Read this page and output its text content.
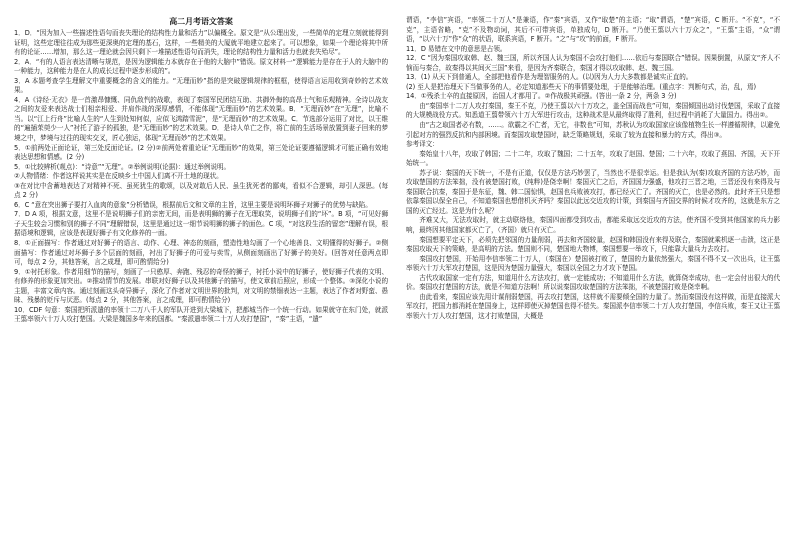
高二月考语文答案

1．D．“因为加入一些描述性语句而丧失理论的结构性力量和活力”以偏概全。原文是“从公理出发，一些简单的定理立刻就能得到证明，这些定理往往成为那些更深奥的定理的基石，这样，一些精美的大厦就平地建立起来了。可以想象，如果一个理论将其中所有的论证……增加，那么这一理论就会因只剩下一堆描述性语句而消失，理论的结构性力量和活力也就丧失殆尽”。

2．A．“有的人语言表达清晰与规范，是因为逻辑能力本就存在于他的大脑中”错误。原文材料一“逻辑能力是存在于人的大脑中的一种能力，这种能力是在人的成长过程中逐步形成的”。

3．A 本题考查学生理解文中重要概念的含义的能力。“无理而妙”指的是突破逻辑规律的框框，使得语言运用收到奇妙的艺术效果。

4．A《诗经·无衣》是一首激昂慷慨、同仇敌忾的战歌，表现了秦国军民团结互助、共御外侮的高昂士气和乐观精神。全诗以战友之间的友爱来表达战士们相亲相爱、并肩作战的深厚感情，不能体现“无理而妙”的艺术效果。B．“无理而妙”在“无理”，比喻不当。以“江上行舟”比喻人生的“人生到处知何似，应似飞鸿踏雪泥”，是“无理而妙”的艺术效果。C．节选部分运用了对比，以王维的“遍插茱萸少一人”衬托了游子的孤独，是“无理而妙”的艺术效果。D．是诗人单亡之作，将亡前的生活场景放置到妻子回来的梦境之中，梦境与过往的现实交叉，匠心独运，体现“无理而妙”的艺术效果。

5．①前两处正面论证，第三处反面论证。(2 分)②前两处着重论证“无理而妙”的效果，第三处论证要遵循逻辑才可能正确有效地表达思想和情感。(2 分)

5．①比较辨析(观点)：“诗意”“无理”。②举例说明(论据)：通过举例说明。

②人物情绪：作者这样说其实是在反映乡土中国人们离不开土地的现状。

③在对比中含蓄地表达了对精神不死、虽死犹生的歌颂，以及对敢后人民、虽生犹死者的鄙夷，看似不合逻辑，却引人深思。(每点 2 分)

6．C “意在突出狮子要打入血肉的意象”分析错误，根据前后文和文章的主旨，这里主要是说明环狮子对狮子的优势与缺陷。

7．D A 项，根据文意，这里不是说明狮子们的亲密无间，而是表明狮的狮子在无理取笑，说明狮子们的“坏”。B 项，“可见好狮子天生较会习惯和别的狮子不同”理解错误，这里是通过这一细节说明狮的狮子的面色。C 项，“对这段生活的留恋”理解有误，根据语境和逻辑，应该是表现好狮子有文化修养的一面。

8．①正面描写：作者通过对好狮子的语言、动作、心理、神态的刻画，塑造性地勾画了一个心地善良、文明懂得的好狮子。②侧面描写：作者通过对坏狮子多个层面的刻画，衬出了好狮子的可爱与卖雪，从侧面刻画出了好狮子的美好。(回答对任意两点即可，每点 2 分，其他答案，言之成理，即可酌情给分)

9．①衬托形象。作者用细节的描写，刻画了一只憨厚、奔跑、残忍的奇怪的狮子，衬托小说中的好狮子，使好狮子代表的文明、有修养的形象更加突出。②推动情节的发展。串联对好狮子以及其他狮子的描写，使文章前后照应，形成一个整体。③深化小说的主题，丰富文章内容。通过刻画这头奇异狮子，深化了作者对文明世界的批判，对文明的禁锢表达一主题，表达了作者对野蛮、愚昧、残暴的贬斥与厌恶。(每点 2 分，其他答案，言之成理，即可酌情给分)

10．CDF 句意：秦国把所派遣的率领十二万八千人的军队开进到大梁城下，把都城当作一个统一行动。如果就守在东门处，就派王翦率领六十万人攻打楚国。大梁是魏国多年来的国都。“秦派遣率领二十万人攻打楚国”，“秦”主语，“遣”

谓语，“李信”宾语，“率领二十万人”是兼语，作“秦”宾语，又作“取楚”的主语；“取”谓语，“楚”宾语，C 断开。“不克”，“不克”，主语省略，“克”不及物动词，其后不可带宾语，单独成句，D 断开。“乃使王翦以六十万众之”，“王翦”主语，“众”谓语，“以六十万”作“众”的状语，联系宾语，F 断开。“之”与“攻”的前面，F 断开。

11．D 易错在文中的意思是占领。

12．C “因为秦国攻取韩、赵、魏三国，所以齐国人认为秦国不会攻打他们……依后与秦国联合”错误。因果倒置，从原文“齐人不恼而与秦合，故秦得以其间灭三国”来看，是因为齐秦联合，秦国才得以攻取韩、赵、魏三国。

13．(1) 从天下到普通人，全部把他看作是为理智服务的人。(以)因为人力大多数都是诚实正直的。

(2) 至人是把治理天下当做事务的人，必定知道那些天下的事情要处理，于是能够治理。(重点字：判断句式，治，乱，焉)

14．①残杀士卒的直接原因，治国人才都用了。②作战极其顽强。(答出一条 2 分，两条 3 分)

由“秦国率十二万人攻打秦国，秦王不克，乃使王翦以六十万攻之，盖全国而战也”可知，秦国倾国出动讨伐楚国，采取了直接的大规模战役方式。知悉道王翦带领六十万大军进行攻击，这种战术是从最终取得了胜利，但过程中消耗了大量国力。得出②。

由“古之取国者必有数，……。欲霸之不亡者，无它，非数也”可知，苏秋认为攻取国家应该像植物生长一样遵循规律，以避免引起对方的强烈反抗和内部困境。而秦国攻取楚国时，缺乏策略规划，采取了较为直接和暴力的方式，得出③。

参考译文：

秦始皇十八年，攻取了韩国；二十二年，攻取了魏国；二十五年，攻取了赵国、楚国；二十六年，攻取了燕国、齐国，天下开始统一。

苏子说：秦国的天下统一，不是有正道，仅仅是方法巧妙罢了，当然也不是很幸运。但是我认为(秦)攻取齐国的方法巧妙，而攻取楚国的方法笨拙，没有被楚国打败，(纯粹)是侥幸啊！秦国灭亡之后，齐国国力强盛，他攻打三晋之地，三晋还没有来得及与秦国联合抗秦，秦国于是东征，魏、韩二国惊惧，赵国也兵败被攻打，都已经灭亡了。齐国的灭亡，也是必然的。此时齐王只是想依靠秦国以保全自己，不知道秦国也想借机灭齐吗？秦国以此远交近攻的计策，到秦国与齐国交界的时候才攻齐的，这就是东方之国的灭亡经过。这是为什么呢？

齐难又大，无法攻取时，就主动联络他，秦国四面都受到攻击，都能采取远交近攻的方法，使齐国不受到其他国家的兵力影响，最终因其他国家都灭亡了，（齐国）就只有灭亡。

秦国想要平定天下，必须先把邻国的力量削弱，再去和齐国较量，赵国和韩国没有来得及联合，秦国就乘机逐一击溃，这正是秦国攻取天下的策略，是高明的方法。楚国则不同，楚国地大物博，秦国想要一举攻下，只能靠大量兵力去攻打。

秦国攻打楚国，开始用李信率领二十万人，（秦国在）楚国被打败了，楚国的力量依然强大，秦国不得不又一次出兵，让王翦率领六十万大军攻打楚国，这是因为楚国力量强大，秦国以全国之力才攻下楚国。

古代攻取国家一定有方法，知道用什么方法攻打，就一定能成功；不知道用什么方法，就算侥幸成功，也一定会付出很大的代价。秦国攻打楚国的方法，就是不知道方法啊！所以说秦国攻取楚国的方法笨拙，不被楚国打败是侥幸啊。

由此看来，秦国应该先用计谋削弱楚国，再去攻打楚国，这样就不需要倾全国的力量了。然而秦国没有这样做，而是直接派大军攻打，把国力都消耗在楚国身上，这样即使灭掉楚国也得不偿失。秦国派李信率领二十万人攻打楚国，李信兵败，秦王又让王翦率领六十万人攻打楚国，这才打败楚国，大概是
